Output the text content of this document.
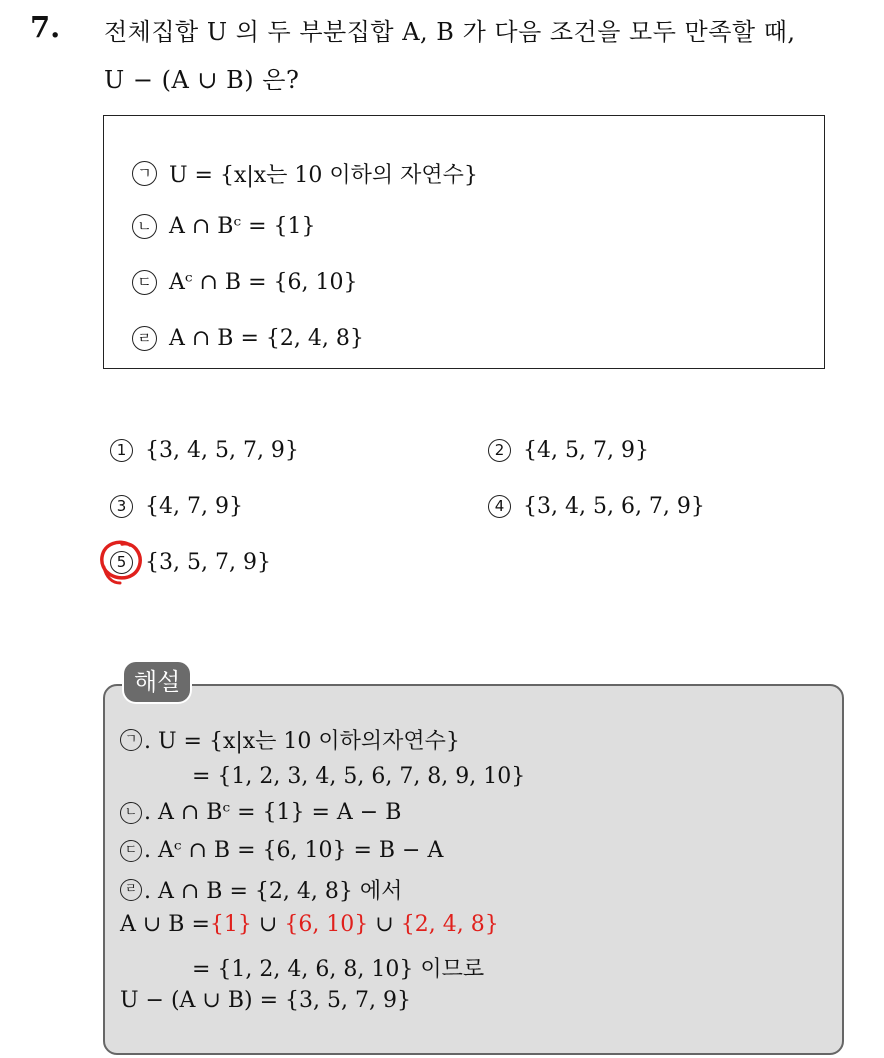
7. 전체집합 U 의 두 부분집합 A, B 가 다음 조건을 모두 만족할 때,
U − (A ∪ B) 은?
ㄱ U = {x|x는 10 이하의 자연수}
ㄴ A ∩ Bᶜ = {1}
ㄷ Aᶜ ∩ B = {6, 10}
ㄹ A ∩ B = {2, 4, 8}
1 {3, 4, 5, 7, 9}	2 {4, 5, 7, 9}
3 {4, 7, 9}	4 {3, 4, 5, 6, 7, 9}
5 {3, 5, 7, 9}
해설
ㄱ . U = {x|x는 10 이하의자연수}
= {1, 2, 3, 4, 5, 6, 7, 8, 9, 10}
ㄴ . A ∩ Bᶜ = {1} = A − B
ㄷ . Aᶜ ∩ B = {6, 10} = B − A
ㄹ . A ∩ B = {2, 4, 8} 에서
A ∪ B = {1} ∪ {6, 10} ∪ {2, 4, 8}
= {1, 2, 4, 6, 8, 10} 이므로
U − (A ∪ B) = {3, 5, 7, 9}
